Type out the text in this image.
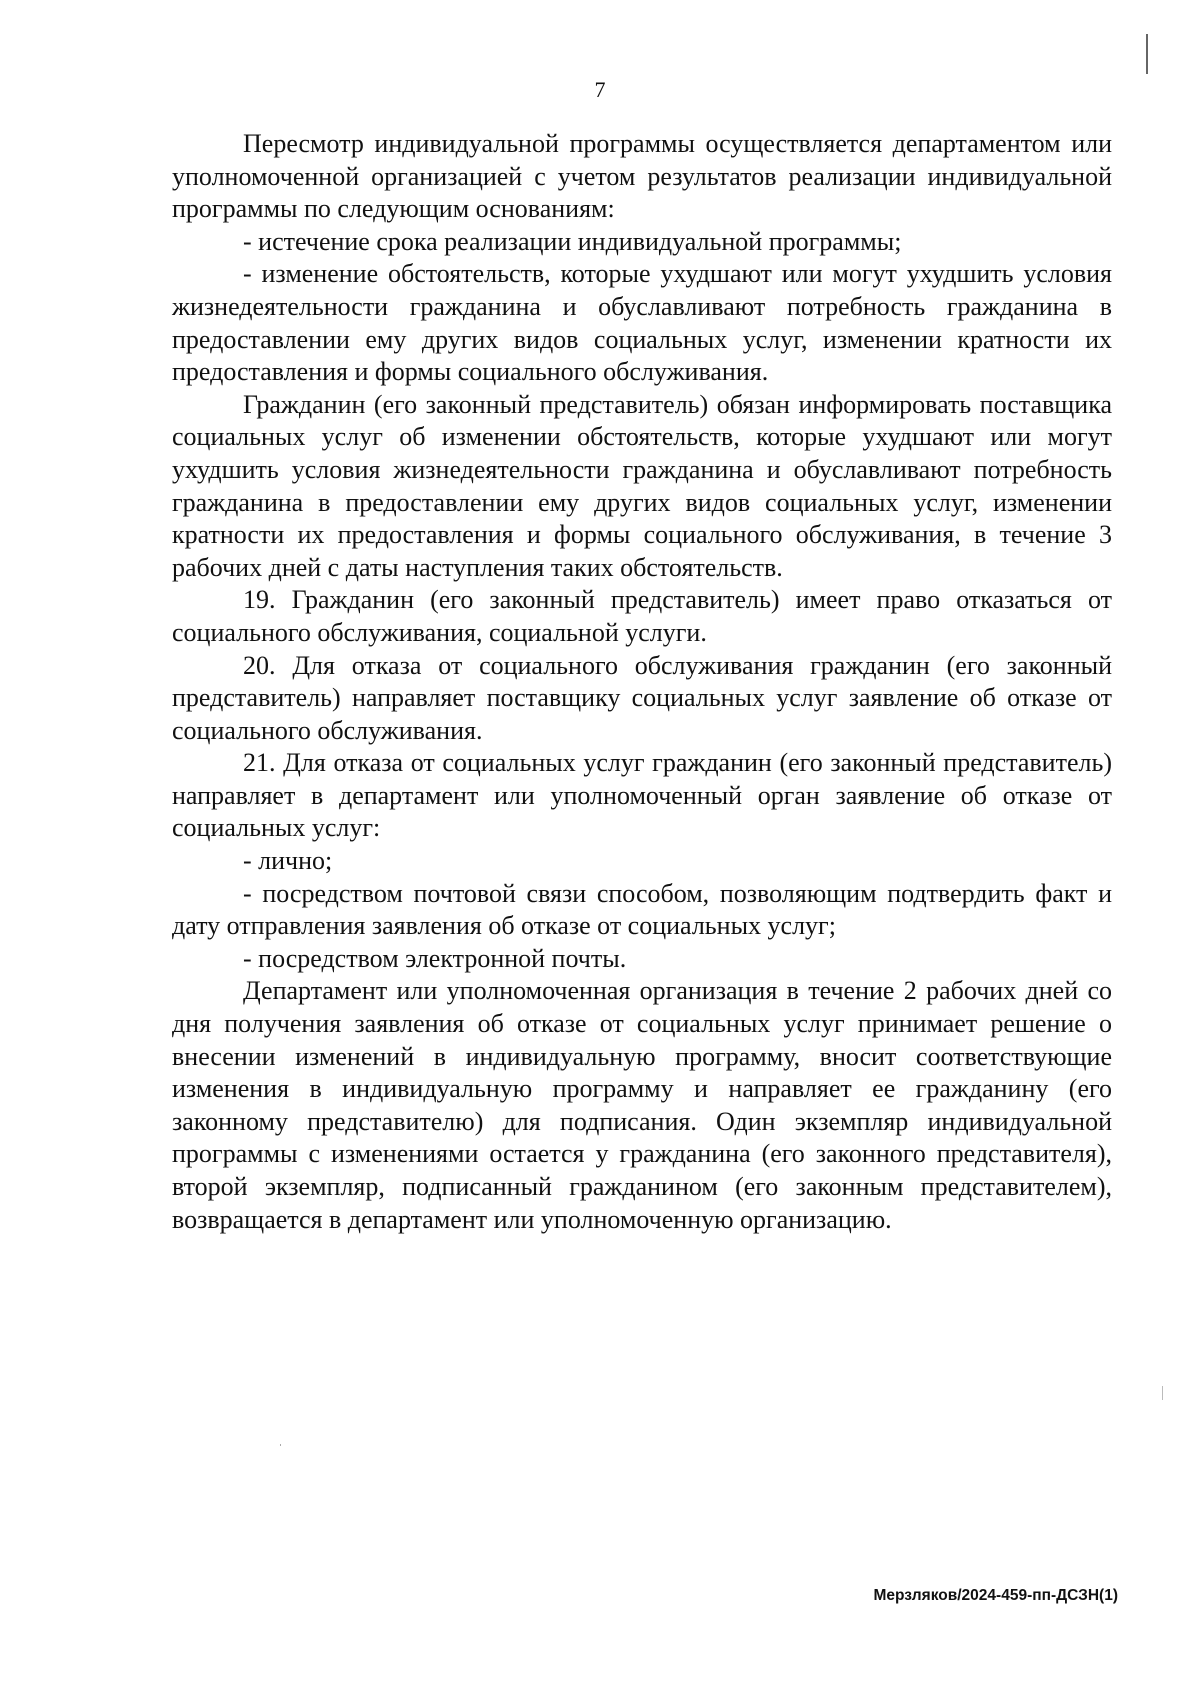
7

Пересмотр индивидуальной программы осуществляется департаментом или уполномоченной организацией с учетом результатов реализации индивидуальной программы по следующим основаниям:

- истечение срока реализации индивидуальной программы;

- изменение обстоятельств, которые ухудшают или могут ухудшить условия жизнедеятельности гражданина и обуславливают потребность гражданина в предоставлении ему других видов социальных услуг, изменении кратности их предоставления и формы социального обслуживания.

Гражданин (его законный представитель) обязан информировать поставщика социальных услуг об изменении обстоятельств, которые ухудшают или могут ухудшить условия жизнедеятельности гражданина и обуславливают потребность гражданина в предоставлении ему других видов социальных услуг, изменении кратности их предоставления и формы социального обслуживания, в течение 3 рабочих дней с даты наступления таких обстоятельств.

19. Гражданин (его законный представитель) имеет право отказаться от социального обслуживания, социальной услуги.

20. Для отказа от социального обслуживания гражданин (его законный представитель) направляет поставщику социальных услуг заявление об отказе от социального обслуживания.

21. Для отказа от социальных услуг гражданин (его законный представитель) направляет в департамент или уполномоченный орган заявление об отказе от социальных услуг:

- лично;

- посредством почтовой связи способом, позволяющим подтвердить факт и дату отправления заявления об отказе от социальных услуг;

- посредством электронной почты.

Департамент или уполномоченная организация в течение 2 рабочих дней со дня получения заявления об отказе от социальных услуг принимает решение о внесении изменений в индивидуальную программу, вносит соответствующие изменения в индивидуальную программу и направляет ее гражданину (его законному представителю) для подписания. Один экземпляр индивидуальной программы с изменениями остается у гражданина (его законного представителя), второй экземпляр, подписанный гражданином (его законным представителем), возвращается в департамент или уполномоченную организацию.

Мерзляков/2024-459-пп-ДСЗН(1)
